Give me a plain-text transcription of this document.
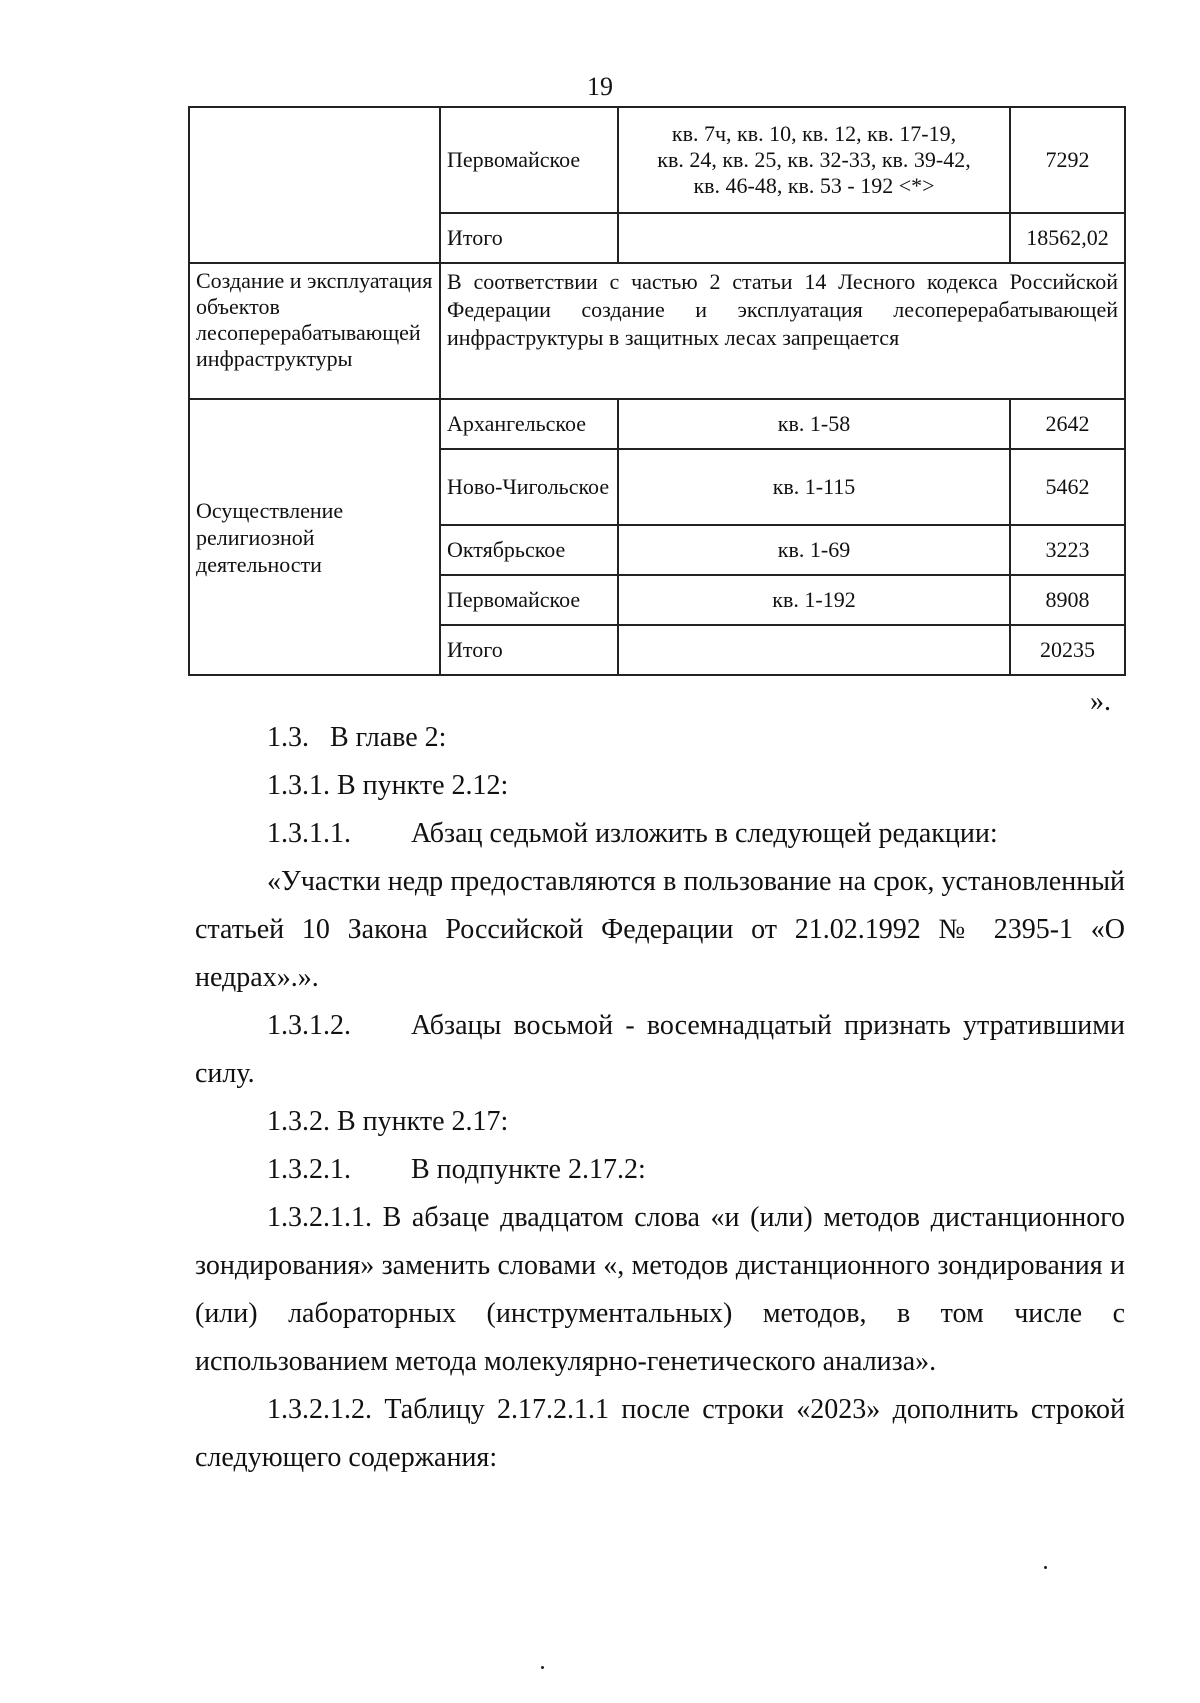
19
	Первомайское	кв. 7ч, кв. 10, кв. 12, кв. 17-19,
кв. 24, кв. 25, кв. 32-33, кв. 39-42,
кв. 46-48, кв. 53 - 192 <*>	7292
	Итого		18562,02
Создание и эксплуатация объектов лесоперерабатывающей инфраструктуры	В соответствии с частью 2 статьи 14 Лесного кодекса Российской Федерации создание и эксплуатация лесоперерабатывающей инфраструктуры в защитных лесах запрещается		
Осуществление религиозной деятельности	Архангельское	кв. 1-58	2642
	Ново-Чигольское	кв. 1-115	5462
	Октябрьское	кв. 1-69	3223
	Первомайское	кв. 1-192	8908
	Итого		20235
».

1.3.   В главе 2:

1.3.1. В пункте 2.12:

1.3.1.1. Абзац седьмой изложить в следующей редакции:

«Участки недр предоставляются в пользование на срок, установленный статьей 10 Закона Российской Федерации от 21.02.1992 № 2395-1 «О недрах».».

1.3.1.2. Абзацы восьмой - восемнадцатый признать утратившими силу.

1.3.2. В пункте 2.17:

1.3.2.1. В подпункте 2.17.2:

1.3.2.1.1. В абзаце двадцатом слова «и (или) методов дистанционного зондирования» заменить словами «, методов дистанционного зондирования и (или) лабораторных (инструментальных) методов, в том числе с использованием метода молекулярно-генетического анализа».

1.3.2.1.2. Таблицу 2.17.2.1.1 после строки «2023» дополнить строкой следующего содержания:
